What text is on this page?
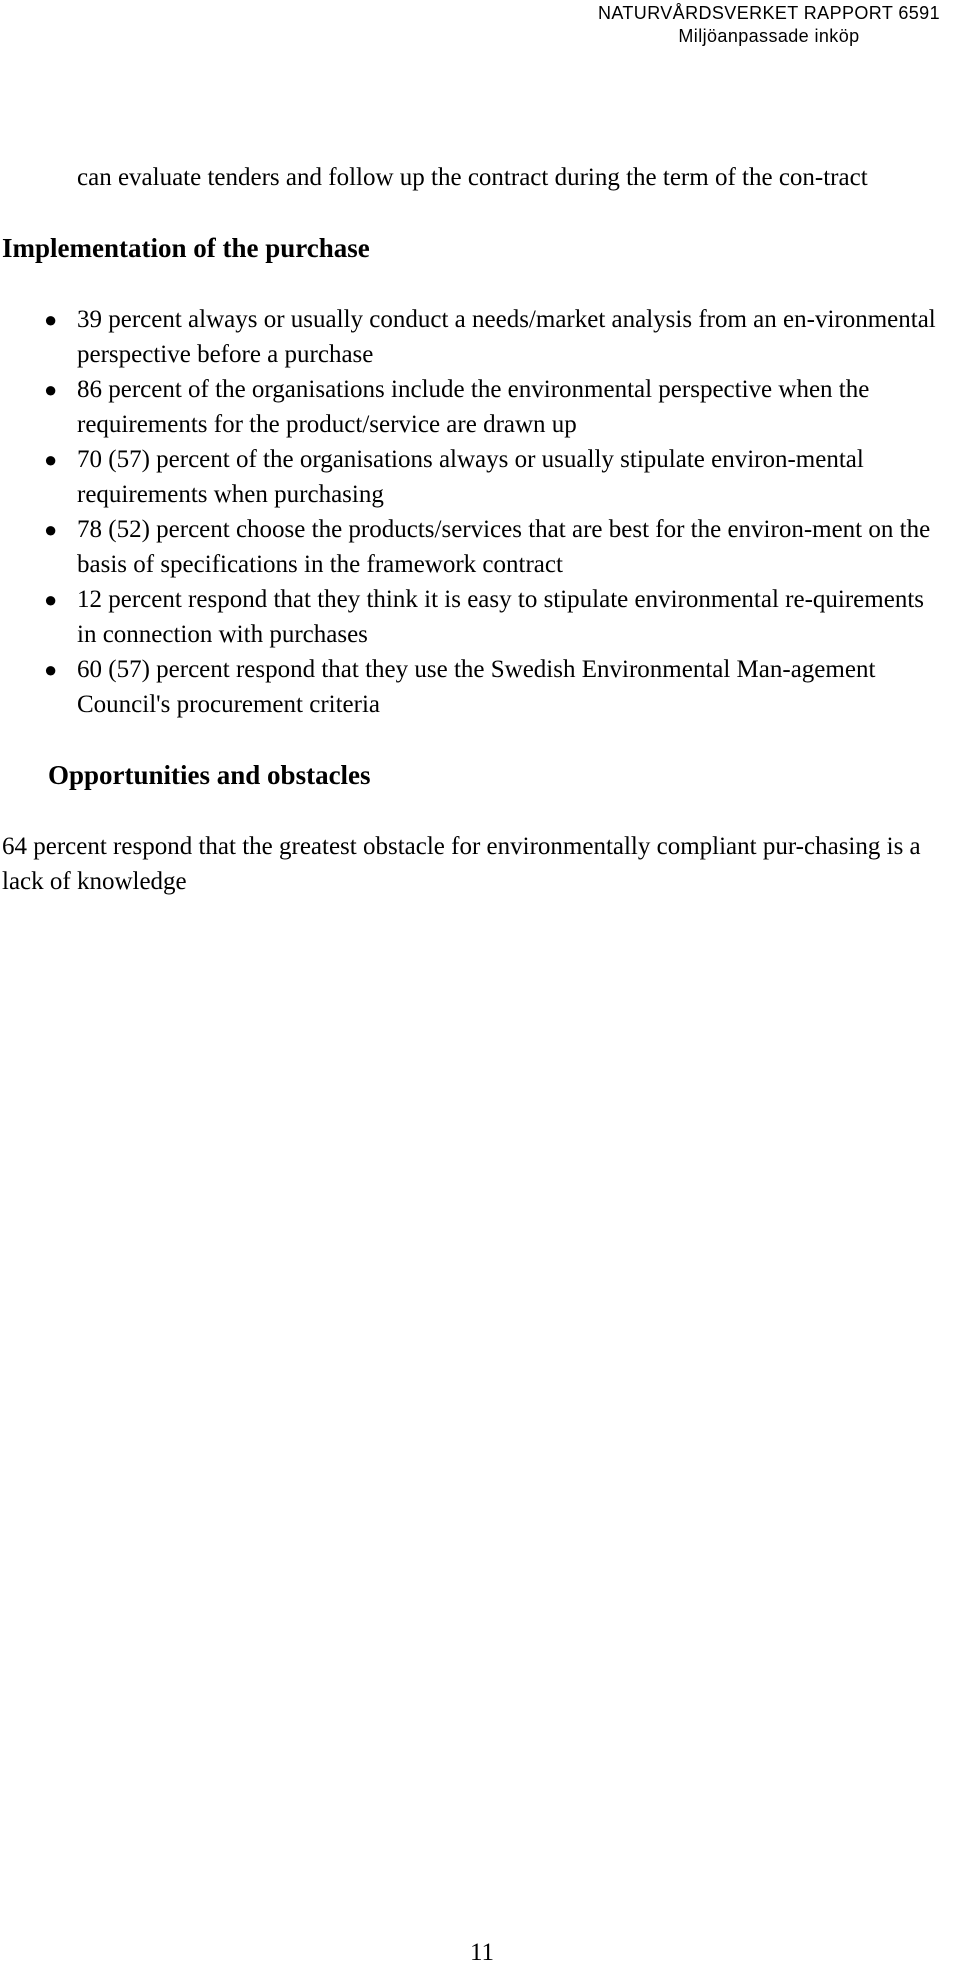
NATURVÅRDSVERKET RAPPORT 6591
Miljöanpassade inköp

can evaluate tenders and follow up the contract during the term of the con-tract

Implementation of the purchase
● 39 percent always or usually conduct a needs/market analysis from an en-vironmental perspective before a purchase
● 86 percent of the organisations include the environmental perspective when the requirements for the product/service are drawn up
● 70 (57) percent of the organisations always or usually stipulate environ-mental requirements when purchasing
● 78 (52) percent choose the products/services that are best for the environ-ment on the basis of specifications in the framework contract
● 12 percent respond that they think it is easy to stipulate environmental re-quirements in connection with purchases
● 60 (57) percent respond that they use the Swedish Environmental Man-agement Council's procurement criteria
Opportunities and obstacles

64 percent respond that the greatest obstacle for environmentally compliant pur-chasing is a lack of knowledge

11
